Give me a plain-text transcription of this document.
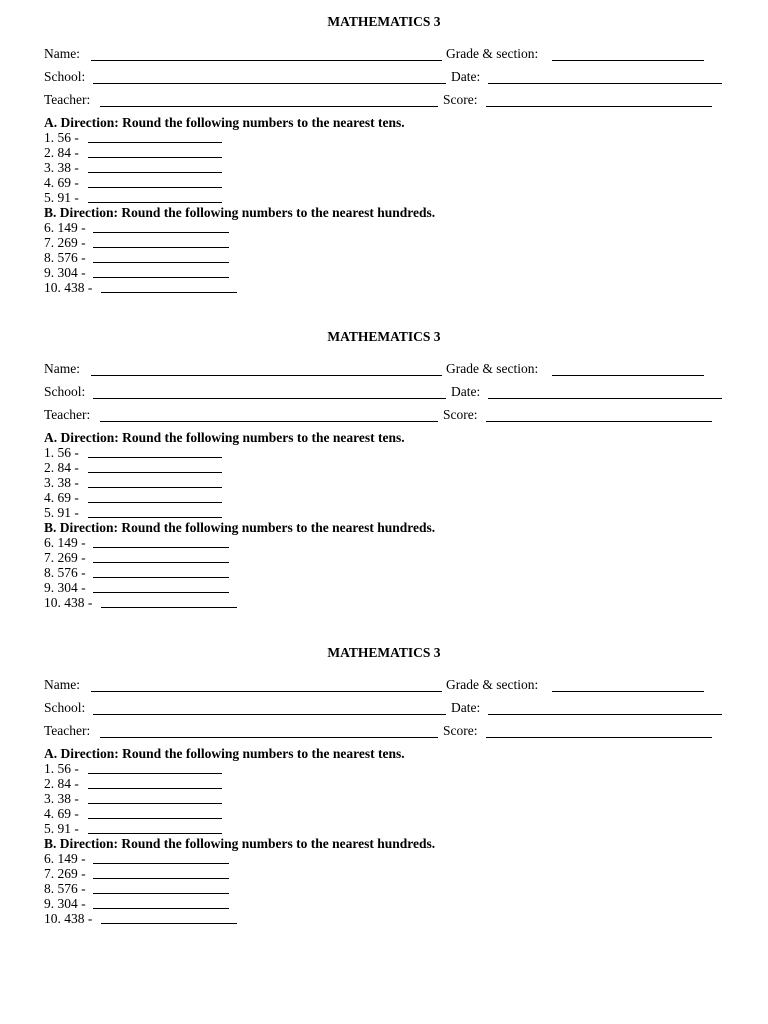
MATHEMATICS 3
Name:	Grade & section:
School:	Date:
Teacher:	Score:
A. Direction: Round the following numbers to the nearest tens.
1. 56 -
2. 84 -
3. 38 -
4. 69 -
5. 91 -
B. Direction: Round the following numbers to the nearest hundreds.
6. 149 -
7. 269 -
8. 576 -
9. 304 -
10. 438 -
MATHEMATICS 3
Name:	Grade & section:
School:	Date:
Teacher:	Score:
A. Direction: Round the following numbers to the nearest tens.
1. 56 -
2. 84 -
3. 38 -
4. 69 -
5. 91 -
B. Direction: Round the following numbers to the nearest hundreds.
6. 149 -
7. 269 -
8. 576 -
9. 304 -
10. 438 -
MATHEMATICS 3
Name:	Grade & section:
School:	Date:
Teacher:	Score:
A. Direction: Round the following numbers to the nearest tens.
1. 56 -
2. 84 -
3. 38 -
4. 69 -
5. 91 -
B. Direction: Round the following numbers to the nearest hundreds.
6. 149 -
7. 269 -
8. 576 -
9. 304 -
10. 438 -
